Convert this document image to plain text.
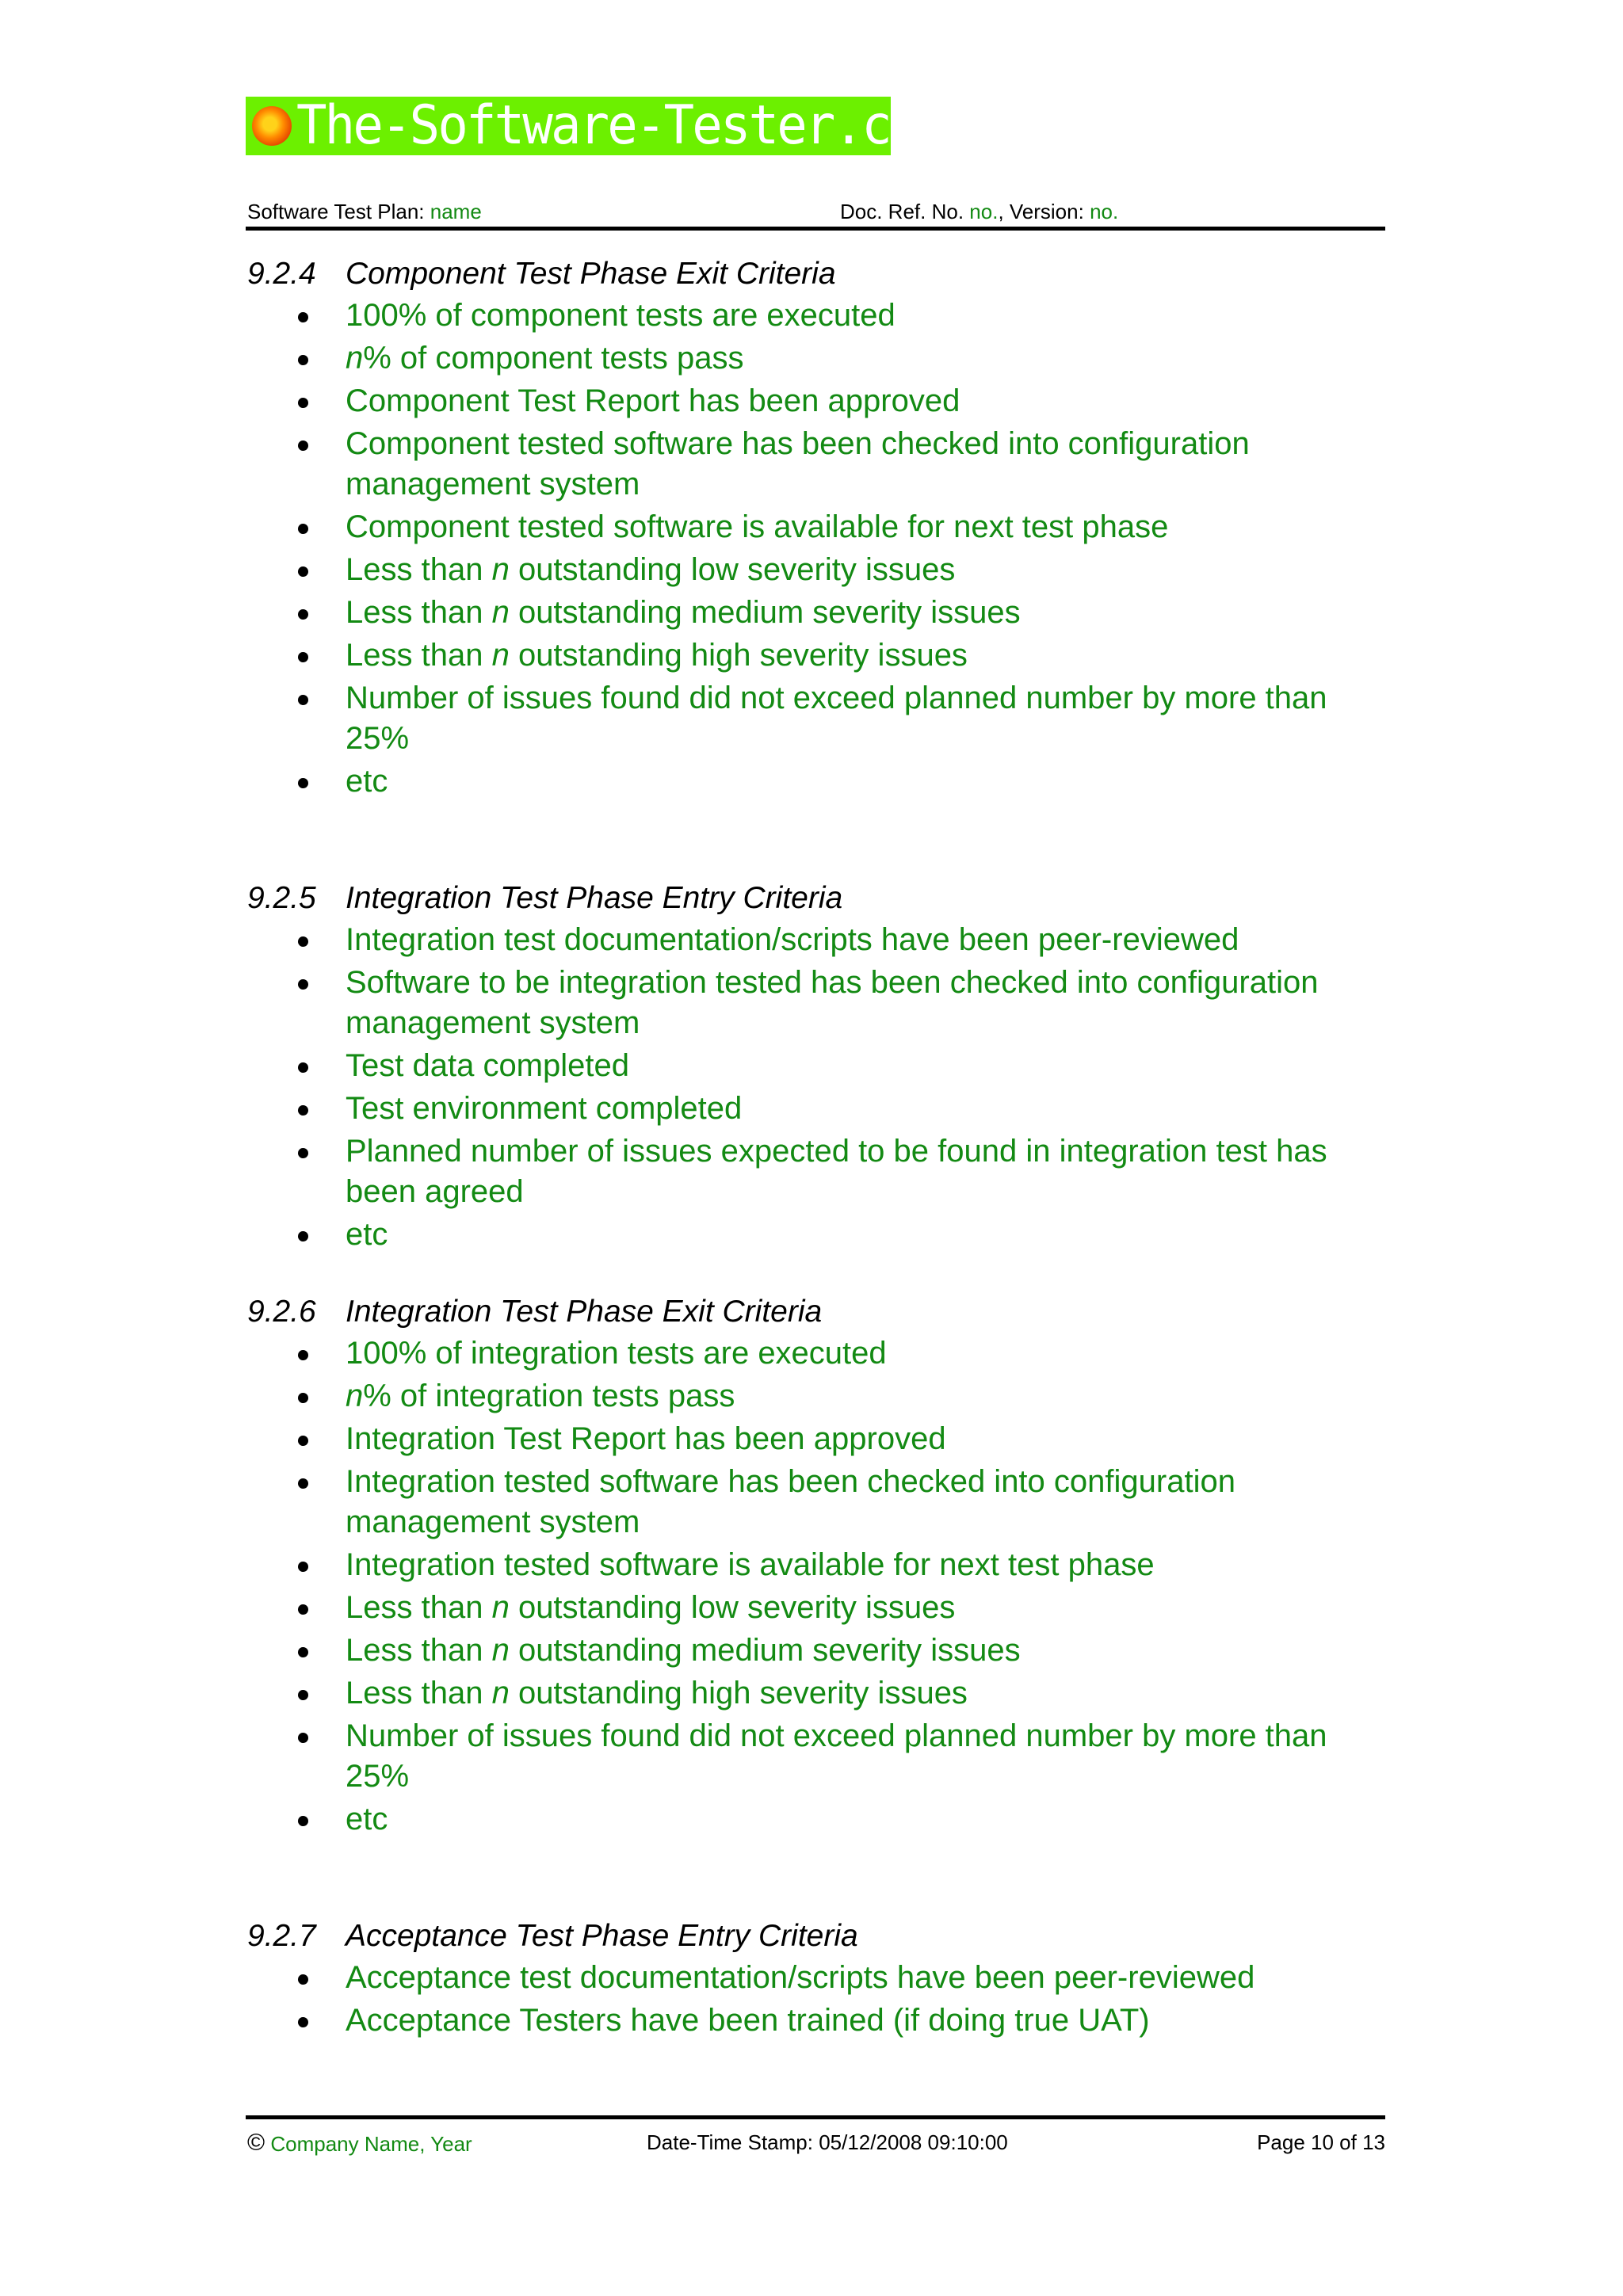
The-Software-Tester.com
Software Test Plan: name	Doc. Ref. No. no., Version: no.
9.2.4 Component Test Phase Exit Criteria
100% of component tests are executed
n% of component tests pass
Component Test Report has been approved
Component tested software has been checked into configuration management system
Component tested software is available for next test phase
Less than n outstanding low severity issues
Less than n outstanding medium severity issues
Less than n outstanding high severity issues
Number of issues found did not exceed planned number by more than 25%
etc
9.2.5 Integration Test Phase Entry Criteria
Integration test documentation/scripts have been peer-reviewed
Software to be integration tested has been checked into configuration management system
Test data completed
Test environment completed
Planned number of issues expected to be found in integration test has been agreed
etc
9.2.6 Integration Test Phase Exit Criteria
100% of integration tests are executed
n% of integration tests pass
Integration Test Report has been approved
Integration tested software has been checked into configuration management system
Integration tested software is available for next test phase
Less than n outstanding low severity issues
Less than n outstanding medium severity issues
Less than n outstanding high severity issues
Number of issues found did not exceed planned number by more than 25%
etc
9.2.7 Acceptance Test Phase Entry Criteria
Acceptance test documentation/scripts have been peer-reviewed
Acceptance Testers have been trained (if doing true UAT)
© Company Name, Year	Date-Time Stamp: 05/12/2008 09:10:00	Page 10 of 13
